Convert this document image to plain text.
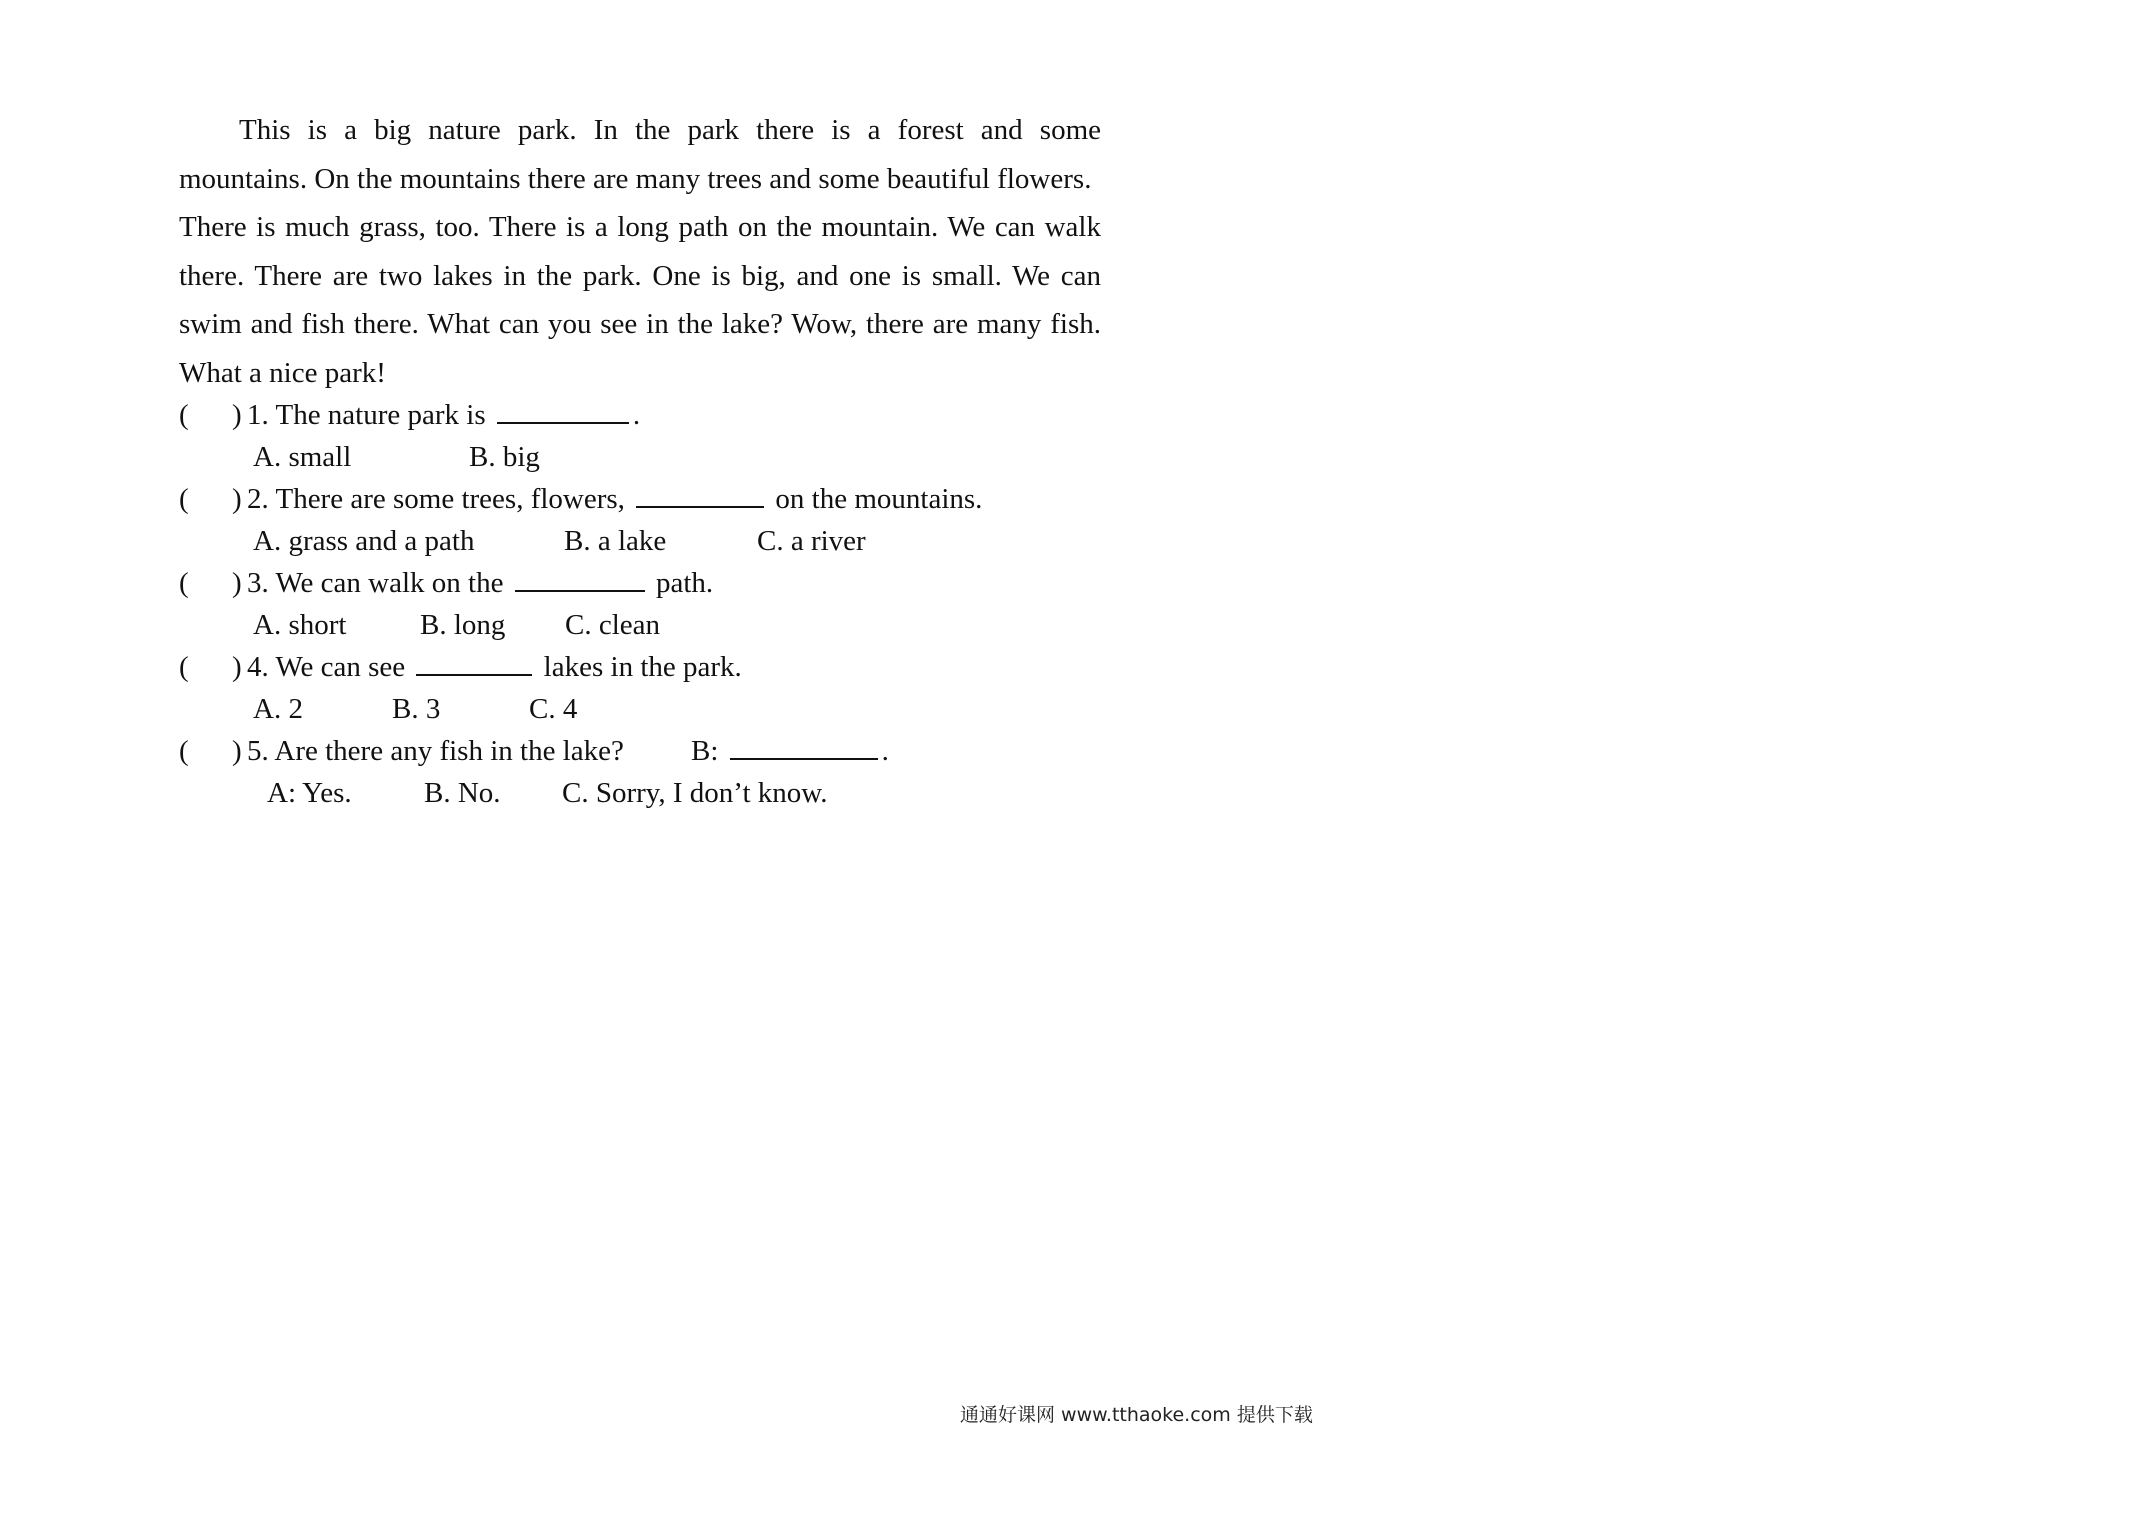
This is a big nature park. In the park there is a forest and some
mountains. On the mountains there are many trees and some beautiful flowers.
There is much grass, too. There is a long path on the mountain. We can walk
there. There are two lakes in the park. One is big, and one is small. We can
swim and fish there. What can you see in the lake? Wow, there are many fish.
What a nice park!
( ) 1. The nature park is	.
A. small	B. big
( ) 2. There are some trees, flowers,	on the mountains.
A. grass and a path	B. a lake	C. a river
( ) 3. We can walk on the	path.
A. short	B. long C. clean
( ) 4. We can see	lakes in the park.
A. 2	B. 3	C. 4
( ) 5. Are there any fish in the lake? B:	.
A: Yes. B. No. C. Sorry, I don’t know.
通通好课网 www.tthaoke.com 提供下载
